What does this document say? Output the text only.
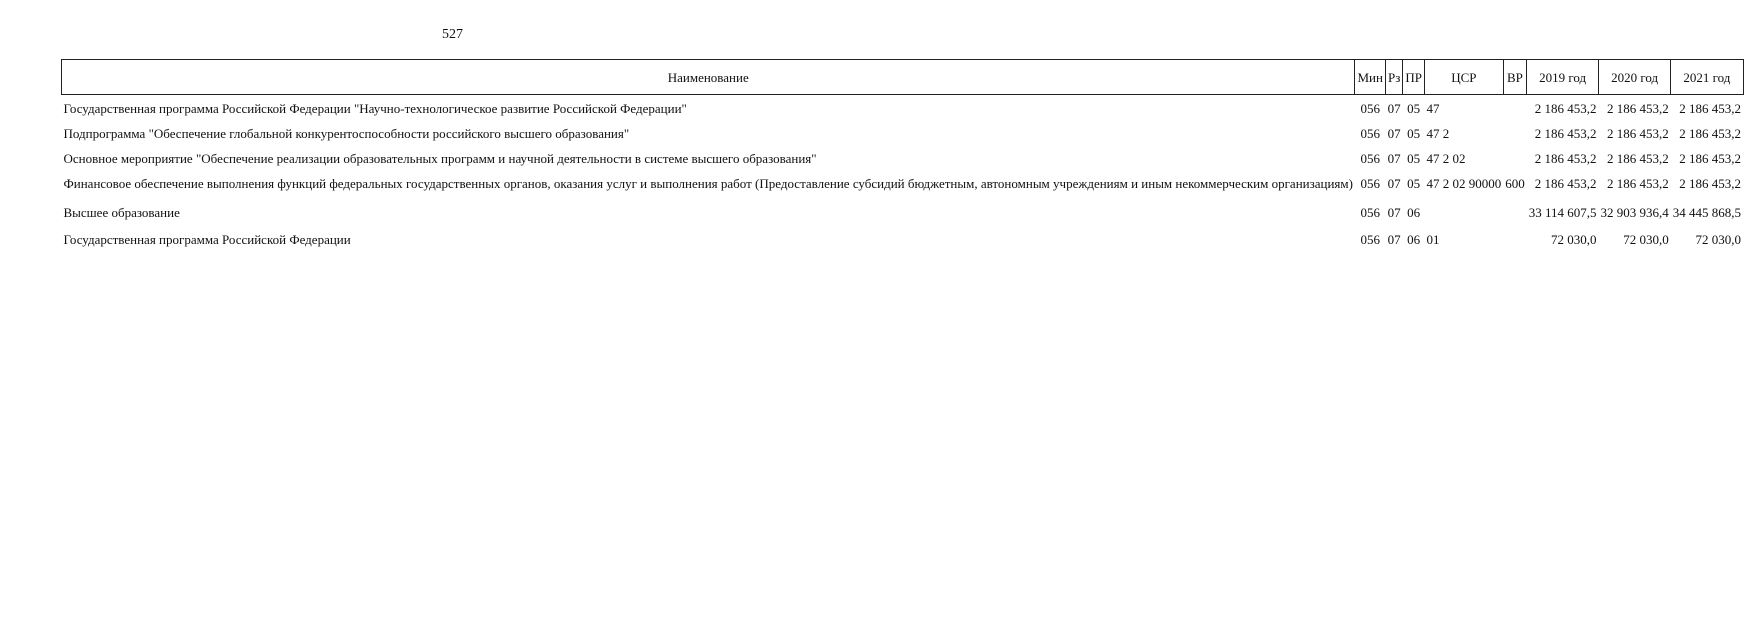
527
Наименование	Мин	Рз	ПР	ЦСР	ВР	2019 год	2020 год	2021 год
Государственная программа Российской Федерации "Научно-технологическое развитие Российской Федерации"	056	07	05	47		2 186 453,2	2 186 453,2	2 186 453,2
Подпрограмма "Обеспечение глобальной конкурентоспособности российского высшего образования"	056	07	05	47 2		2 186 453,2	2 186 453,2	2 186 453,2
Основное мероприятие "Обеспечение реализации образовательных программ и научной деятельности в системе высшего образования"	056	07	05	47 2 02		2 186 453,2	2 186 453,2	2 186 453,2
Финансовое обеспечение выполнения функций федеральных государственных органов, оказания услуг и выполнения работ (Предоставление субсидий бюджетным, автономным учреждениям и иным некоммерческим организациям)	056	07	05	47 2 02 90000	600	2 186 453,2	2 186 453,2	2 186 453,2
Высшее образование	056	07	06			33 114 607,5	32 903 936,4	34 445 868,5
Государственная программа Российской Федерации	056	07	06	01		72 030,0	72 030,0	72 030,0
